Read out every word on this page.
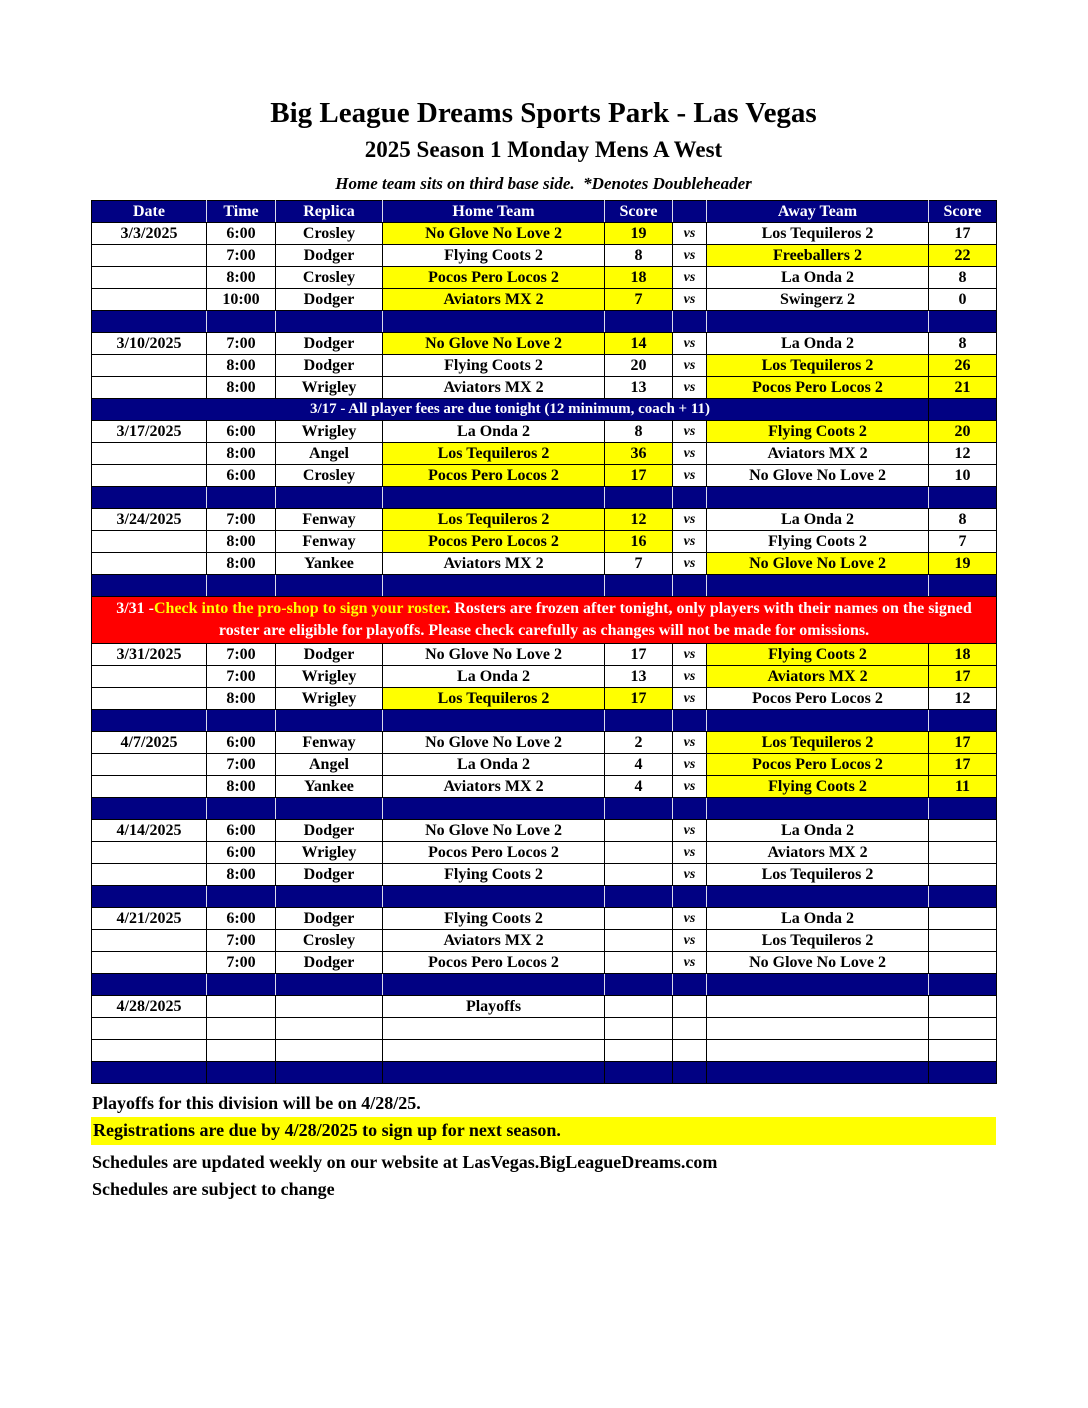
Big League Dreams Sports Park - Las Vegas
2025 Season 1 Monday Mens A West
Home team sits on third base side.  *Denotes Doubleheader
Date	Time	Replica	Home Team	Score		Away Team	Score
3/3/2025	6:00	Crosley	No Glove No Love 2	19	vs	Los Tequileros 2	17
	7:00	Dodger	Flying Coots 2	8	vs	Freeballers 2	22
	8:00	Crosley	Pocos Pero Locos 2	18	vs	La Onda 2	8
	10:00	Dodger	Aviators MX 2	7	vs	Swingerz 2	0

3/10/2025	7:00	Dodger	No Glove No Love 2	14	vs	La Onda 2	8
	8:00	Dodger	Flying Coots 2	20	vs	Los Tequileros 2	26
	8:00	Wrigley	Aviators MX 2	13	vs	Pocos Pero Locos 2	21
3/17 - All player fees are due tonight (12 minimum, coach + 11)							
3/17/2025	6:00	Wrigley	La Onda 2	8	vs	Flying Coots 2	20
	8:00	Angel	Los Tequileros 2	36	vs	Aviators MX 2	12
	6:00	Crosley	Pocos Pero Locos 2	17	vs	No Glove No Love 2	10

3/24/2025	7:00	Fenway	Los Tequileros 2	12	vs	La Onda 2	8
	8:00	Fenway	Pocos Pero Locos 2	16	vs	Flying Coots 2	7
	8:00	Yankee	Aviators MX 2	7	vs	No Glove No Love 2	19

3/31 -Check into the pro-shop to sign your roster. Rosters are frozen after tonight, only players with their names on the signed roster are eligible for playoffs. Please check carefully as changes will not be made for omissions.							
3/31/2025	7:00	Dodger	No Glove No Love 2	17	vs	Flying Coots 2	18
	7:00	Wrigley	La Onda 2	13	vs	Aviators MX 2	17
	8:00	Wrigley	Los Tequileros 2	17	vs	Pocos Pero Locos 2	12

4/7/2025	6:00	Fenway	No Glove No Love 2	2	vs	Los Tequileros 2	17
	7:00	Angel	La Onda 2	4	vs	Pocos Pero Locos 2	17
	8:00	Yankee	Aviators MX 2	4	vs	Flying Coots 2	11

4/14/2025	6:00	Dodger	No Glove No Love 2		vs	La Onda 2	
	6:00	Wrigley	Pocos Pero Locos 2		vs	Aviators MX 2	
	8:00	Dodger	Flying Coots 2		vs	Los Tequileros 2	

4/21/2025	6:00	Dodger	Flying Coots 2		vs	La Onda 2	
	7:00	Crosley	Aviators MX 2		vs	Los Tequileros 2	
	7:00	Dodger	Pocos Pero Locos 2		vs	No Glove No Love 2	

4/28/2025			Playoffs				

Playoffs for this division will be on 4/28/25.
Registrations are due by 4/28/2025 to sign up for next season.
Schedules are updated weekly on our website at LasVegas.BigLeagueDreams.com
Schedules are subject to change
